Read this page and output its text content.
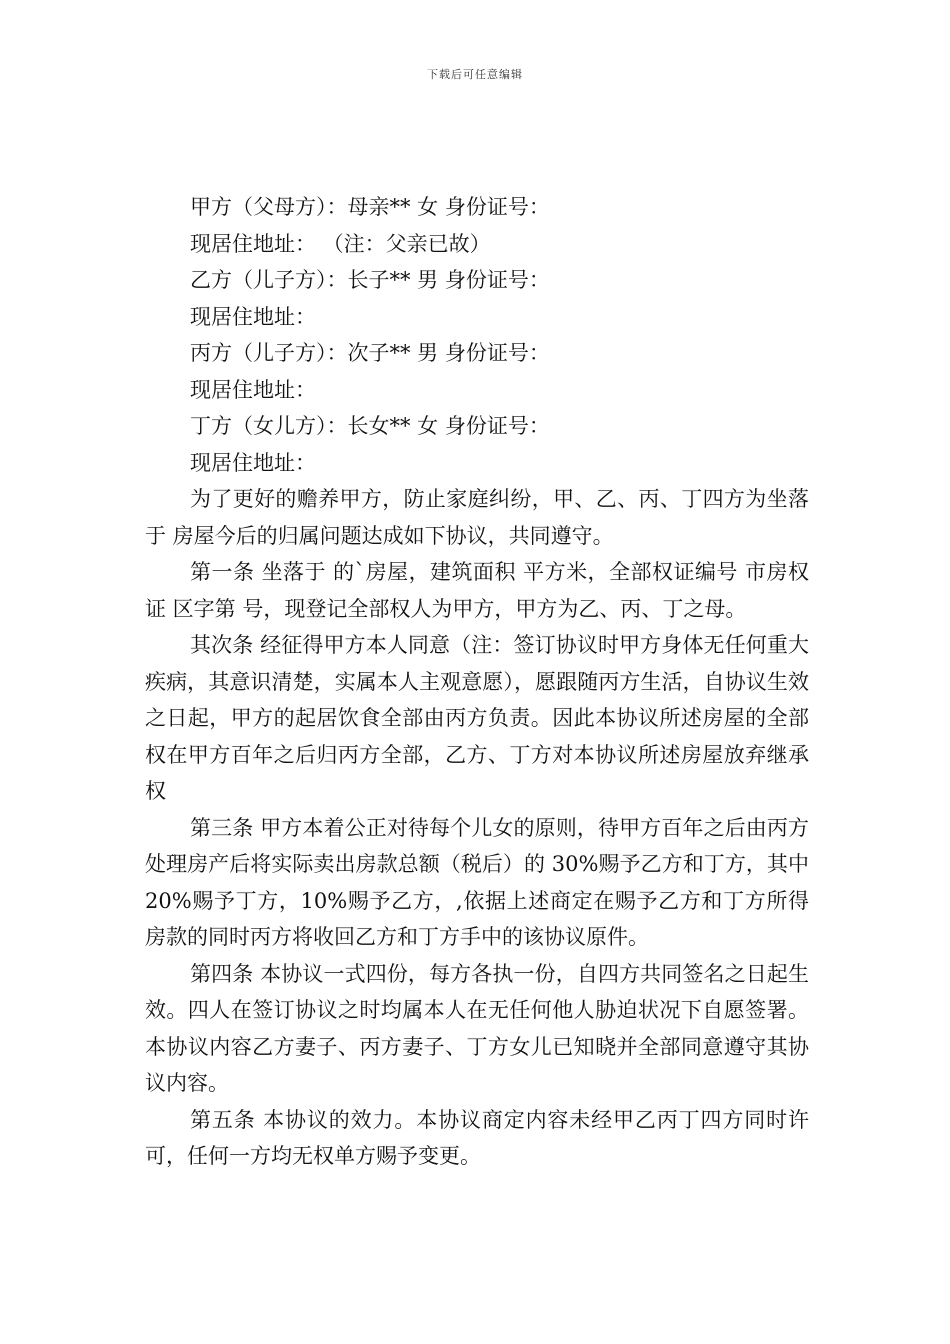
下载后可任意编辑

甲方（父母方）：母亲** 女 身份证号：

现居住地址： （注：父亲已故）

乙方（儿子方）：长子** 男 身份证号：

现居住地址：

丙方（儿子方）：次子** 男 身份证号：

现居住地址：

丁方（女儿方）：长女** 女 身份证号：

现居住地址：

为了更好的赡养甲方，防止家庭纠纷，甲、乙、丙、丁四方为坐落于 房屋今后的归属问题达成如下协议，共同遵守。

第一条 坐落于 的`房屋，建筑面积 平方米，全部权证编号 市房权证 区字第 号，现登记全部权人为甲方，甲方为乙、丙、丁之母。

其次条 经征得甲方本人同意（注：签订协议时甲方身体无任何重大疾病，其意识清楚，实属本人主观意愿），愿跟随丙方生活，自协议生效之日起，甲方的起居饮食全部由丙方负责。因此本协议所述房屋的全部权在甲方百年之后归丙方全部，乙方、丁方对本协议所述房屋放弃继承权

第三条 甲方本着公正对待每个儿女的原则，待甲方百年之后由丙方处理房产后将实际卖出房款总额（税后）的 30%赐予乙方和丁方，其中 20%赐予丁方，10%赐予乙方，,依据上述商定在赐予乙方和丁方所得房款的同时丙方将收回乙方和丁方手中的该协议原件。

第四条 本协议一式四份，每方各执一份，自四方共同签名之日起生效。四人在签订协议之时均属本人在无任何他人胁迫状况下自愿签署。本协议内容乙方妻子、丙方妻子、丁方女儿已知晓并全部同意遵守其协议内容。

第五条 本协议的效力。本协议商定内容未经甲乙丙丁四方同时许可，任何一方均无权单方赐予变更。
